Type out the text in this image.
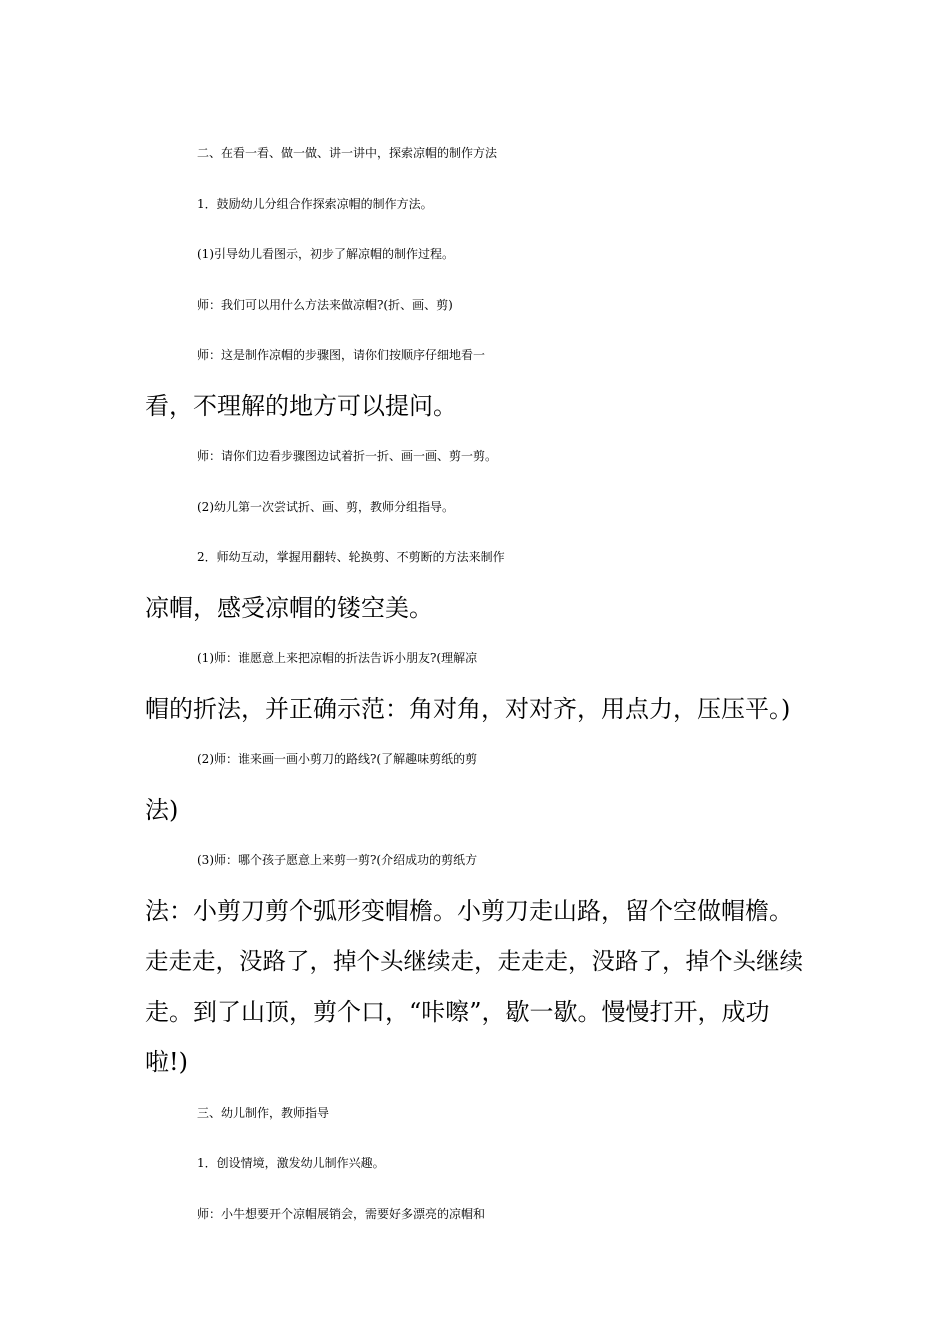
二、在看一看、做一做、讲一讲中，探索凉帽的制作方法

1．鼓励幼儿分组合作探索凉帽的制作方法。

(1)引导幼儿看图示，初步了解凉帽的制作过程。

师：我们可以用什么方法来做凉帽?(折、画、剪)

师：这是制作凉帽的步骤图，请你们按顺序仔细地看一

看，不理解的地方可以提问。

师：请你们边看步骤图边试着折一折、画一画、剪一剪。

(2)幼儿第一次尝试折、画、剪，教师分组指导。

2．师幼互动，掌握用翻转、轮换剪、不剪断的方法来制作

凉帽，感受凉帽的镂空美。

(1)师：谁愿意上来把凉帽的折法告诉小朋友?(理解凉

帽的折法，并正确示范：角对角，对对齐，用点力，压压平。)

(2)师：谁来画一画小剪刀的路线?(了解趣味剪纸的剪

法)

(3)师：哪个孩子愿意上来剪一剪?(介绍成功的剪纸方

法：小剪刀剪个弧形变帽檐。小剪刀走山路，留个空做帽檐。

走走走，没路了，掉个头继续走，走走走，没路了，掉个头继续

走。到了山顶，剪个口，“咔嚓”，歇一歇。慢慢打开，成功

啦!)

三、幼儿制作，教师指导

1．创设情境，激发幼儿制作兴趣。

师：小牛想要开个凉帽展销会，需要好多漂亮的凉帽和
